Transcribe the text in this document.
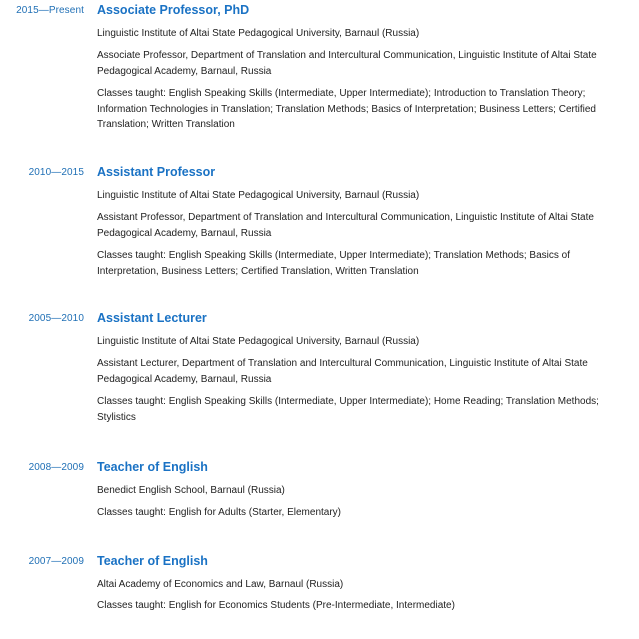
2015—Present Associate Professor, PhD
Linguistic Institute of Altai State Pedagogical University, Barnaul (Russia)
Associate Professor, Department of Translation and Intercultural Communication, Linguistic Institute of Altai State Pedagogical Academy, Barnaul, Russia
Classes taught: English Speaking Skills (Intermediate, Upper Intermediate); Introduction to Translation Theory; Information Technologies in Translation; Translation Methods; Basics of Interpretation; Business Letters; Certified Translation; Written Translation
2010—2015 Assistant Professor
Linguistic Institute of Altai State Pedagogical University, Barnaul (Russia)
Assistant Professor, Department of Translation and Intercultural Communication, Linguistic Institute of Altai State Pedagogical Academy, Barnaul, Russia
Classes taught: English Speaking Skills (Intermediate, Upper Intermediate); Translation Methods; Basics of Interpretation, Business Letters; Certified Translation, Written Translation
2005—2010 Assistant Lecturer
Linguistic Institute of Altai State Pedagogical University, Barnaul (Russia)
Assistant Lecturer, Department of Translation and Intercultural Communication, Linguistic Institute of Altai State Pedagogical Academy, Barnaul, Russia
Classes taught: English Speaking Skills (Intermediate, Upper Intermediate); Home Reading; Translation Methods; Stylistics
2008—2009 Teacher of English
Benedict English School, Barnaul (Russia)
Classes taught: English for Adults (Starter, Elementary)
2007—2009 Teacher of English
Altai Academy of Economics and Law, Barnaul (Russia)
Classes taught: English for Economics Students (Pre-Intermediate, Intermediate)
